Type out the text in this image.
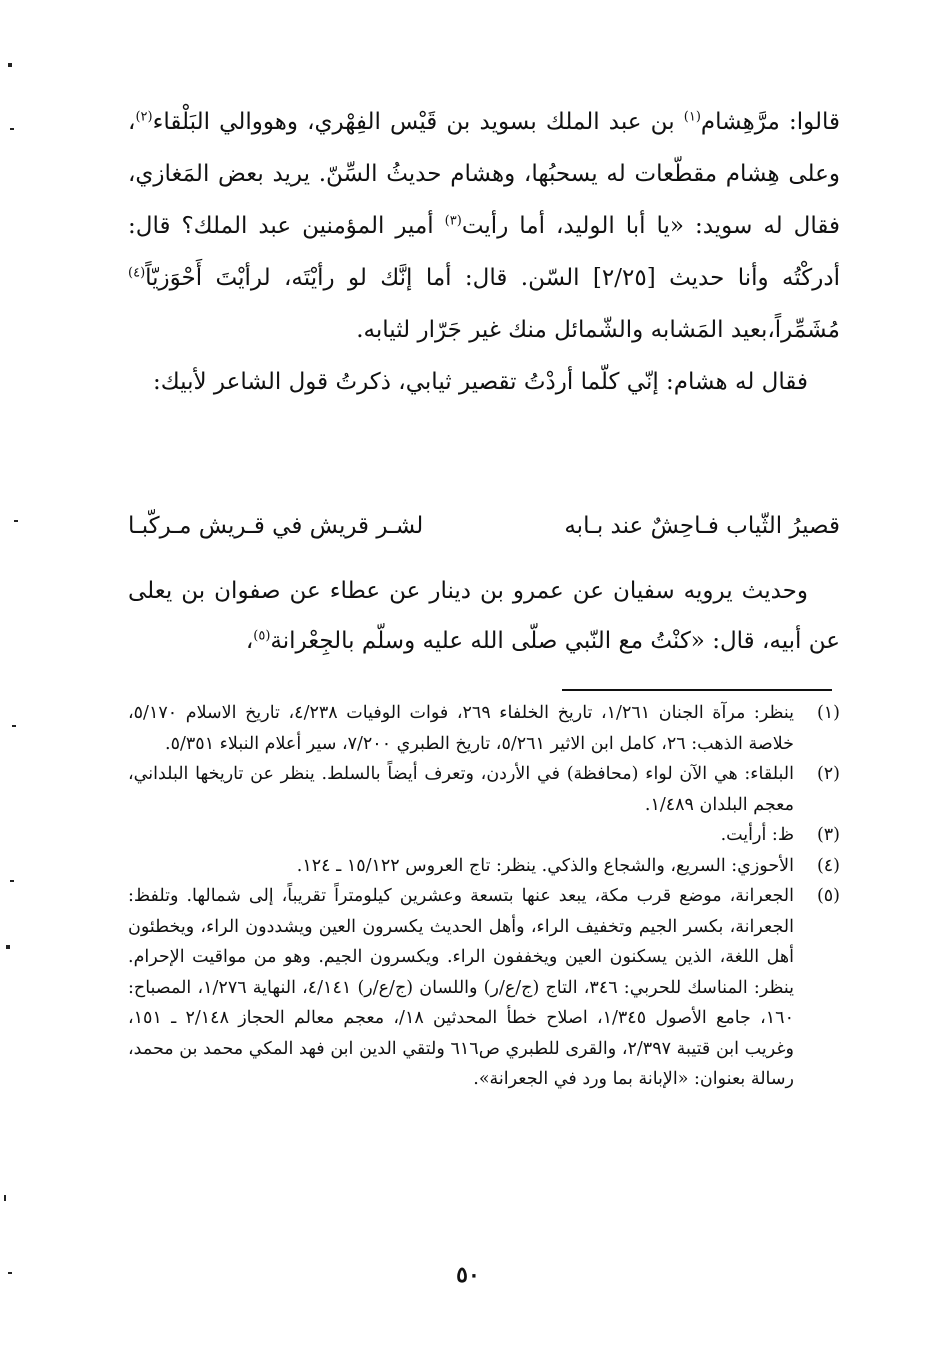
قالوا: مرَّهِشام$^{(١)}$ بن عبد الملك بسويد بن قَيْس الفِهْري، وهووالي البَلْقاء$^{(٢)}$، وعلى هِشام مقطّعات له يسحبُها، وهشام حديثُ السِّنّ. يريد بعض المَغازي، فقال له سويد: «يا أبا الوليد، أما رأيت$^{(٣)}$ أمير المؤمنين عبد الملك؟ قال: أدركْتُه وأنا حديث [٢/٢٥] السّن. قال: أما إنَّك لو رأيْتَه، لرأيْتَ أَحْوَزيّاً$^{(٤)}$ مُشَمِّراً،بعيد المَشابه والشّمائل منك غير جَرّار لثيابه.

فقال له هشام: إنّي كلّما أردْتُ تقصير ثيابي، ذكرتُ قول الشاعر لأبيك:

قصيرُ الثّياب فـاحِشٌ عند بـابه
لشـر قريش في قـريش مـركّبـا

وحديث يرويه سفيان عن عمرو بن دينار عن عطاء عن صفوان بن يعلى عن أبيه، قال: «كنْتُ مع النّبي صلّى الله عليه وسلّم بالجِعْرانة$^{(٥)}$،

(١)
ينظر: مرآة الجنان ١/٢٦١، تاريخ الخلفاء ٢٦٩، فوات الوفيات ٤/٢٣٨، تاريخ الاسلام ٥/١٧٠، خلاصة الذهب: ٢٦، كامل ابن الاثير ٥/٢٦١، تاريخ الطبري ٧/٢٠٠، سير أعلام النبلاء ٥/٣٥١.
(٢)
البلقاء: هي الآن لواء (محافظة) في الأردن، وتعرف أيضاً بالسلط. ينظر عن تاريخها البلداني، معجم البلدان ١/٤٨٩.
(٣)
ظ: أرأيت.
(٤)
الأحوزي: السريع، والشجاع والذكي. ينظر: تاج العروس ١٥/١٢٢ ـ ١٢٤.
(٥)
الجعرانة، موضع قرب مكة، يبعد عنها بتسعة وعشرين كيلومتراً تقريباً، إلى شمالها. وتلفظ: الجعرانة، بكسر الجيم وتخفيف الراء، وأهل الحديث يكسرون العين ويشددون الراء، ويخطئون أهل اللغة، الذين يسكنون العين ويخففون الراء. ويكسرون الجيم. وهو من مواقيت الإحرام. ينظر: المناسك للحربي: ٣٤٦، التاج (ج/ع/ر) واللسان (ج/ع/ر) ٤/١٤١، النهاية ١/٢٧٦، المصباح: ١٦٠، جامع الأصول ١/٣٤٥، اصلاح خطأ المحدثين ١٨/، معجم معالم الحجاز ٢/١٤٨ ـ ١٥١، وغريب ابن قتيبة ٢/٣٩٧، والقرى للطبري ص٦١٦ ولتقي الدين ابن فهد المكي محمد بن محمد، رسالة بعنوان: «الإبانة بما ورد في الجعرانة».
٥٠
